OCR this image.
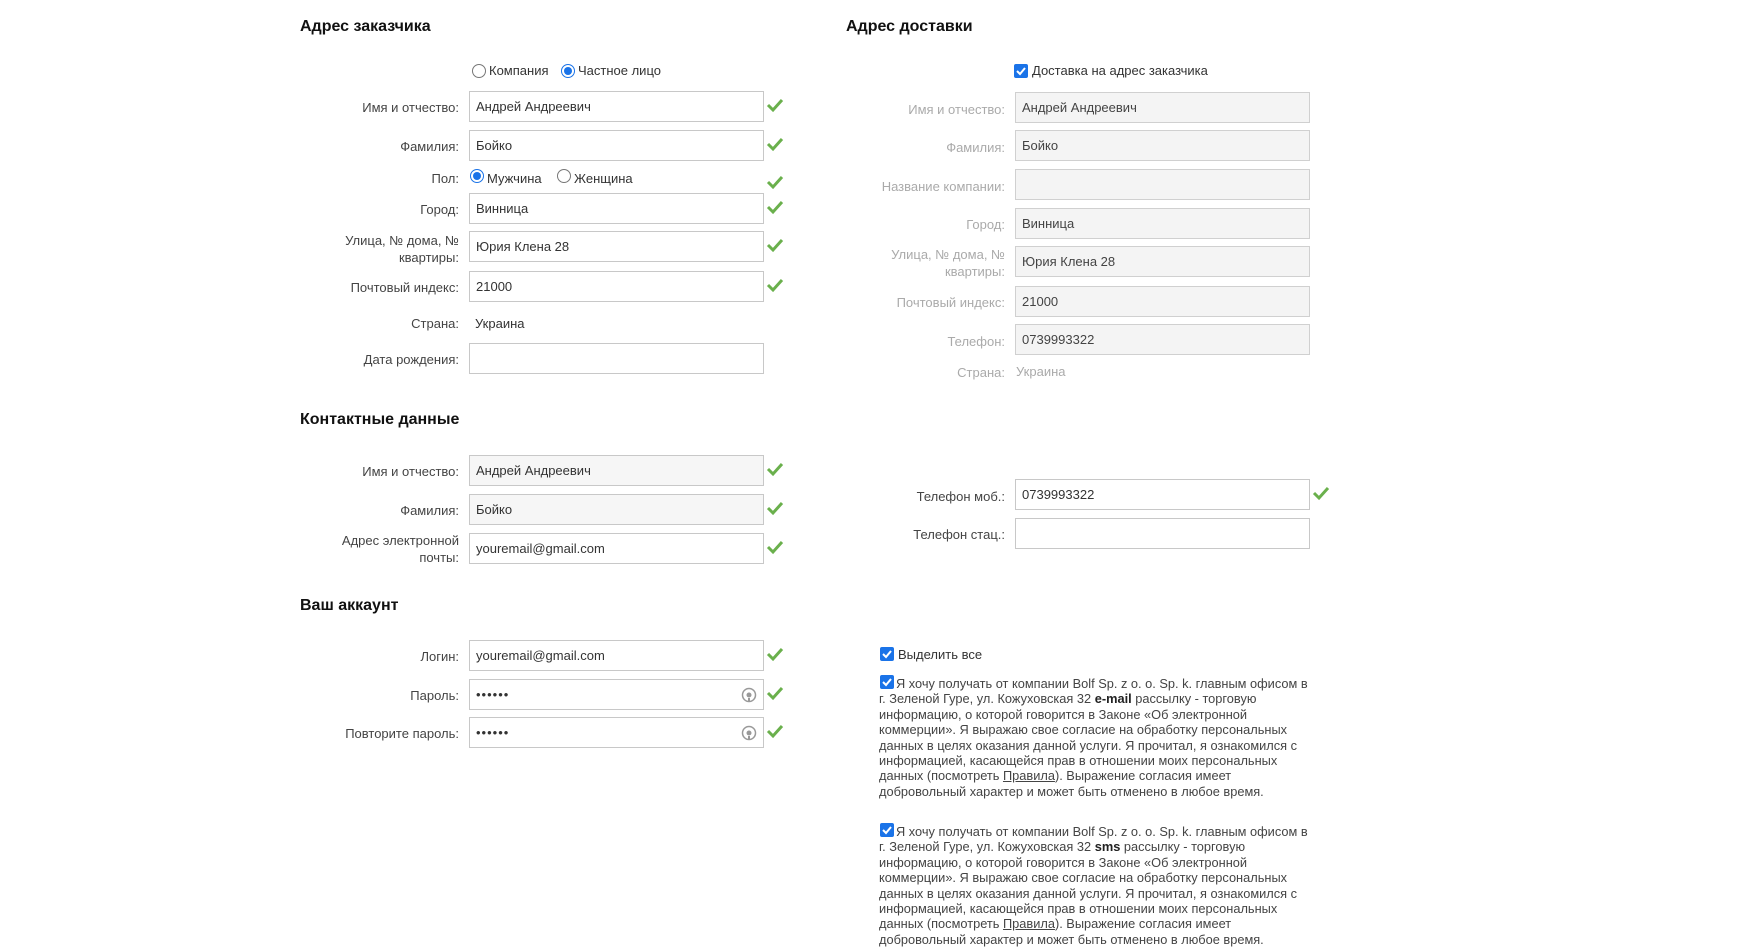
Адрес заказчика
Компания Частное лицо
Имя и отчество:
Андрей Андреевич
Фамилия:
Бойко
Пол: Мужчина Женщина
Город:
Винница
Улица, № дома, №
квартиры:
Юрия Клена 28
Почтовый индекс:
21000
Страна: Украина
Дата рождения:
Адрес доставки
Доставка на адрес заказчика
Имя и отчество:
Андрей Андреевич
Фамилия:
Бойко
Название компании:
Город:
Винница
Улица, № дома, №
квартиры:
Юрия Клена 28
Почтовый индекс:
21000
Телефон:
0739993322
Страна: Украина
Контактные данные
Имя и отчество:
Андрей Андреевич
Фамилия:
Бойко
Адрес электронной
почты:
youremail@gmail.com
Телефон моб.:
0739993322
Телефон стац.:
Ваш аккаунт
Логин:
youremail@gmail.com
Пароль:
••••••
Повторите пароль:
••••••
Выделить все
Я хочу получать от компании Bolf Sp. z o. o. Sp. k. главным офисом в г. Зеленой Гуре, ул. Кожуховская 32 e-mail рассылку - торговую информацию, о которой говорится в Законе «Об электронной коммерции». Я выражаю свое согласие на обработку персональных данных в целях оказания данной услуги. Я прочитал, я ознакомился с информацией, касающейся прав в отношении моих персональных данных (посмотреть Правила). Выражение согласия имеет добровольный характер и может быть отменено в любое время.
Я хочу получать от компании Bolf Sp. z o. o. Sp. k. главным офисом в г. Зеленой Гуре, ул. Кожуховская 32 sms рассылку - торговую информацию, о которой говорится в Законе «Об электронной коммерции». Я выражаю свое согласие на обработку персональных данных в целях оказания данной услуги. Я прочитал, я ознакомился с информацией, касающейся прав в отношении моих персональных данных (посмотреть Правила). Выражение согласия имеет добровольный характер и может быть отменено в любое время.
